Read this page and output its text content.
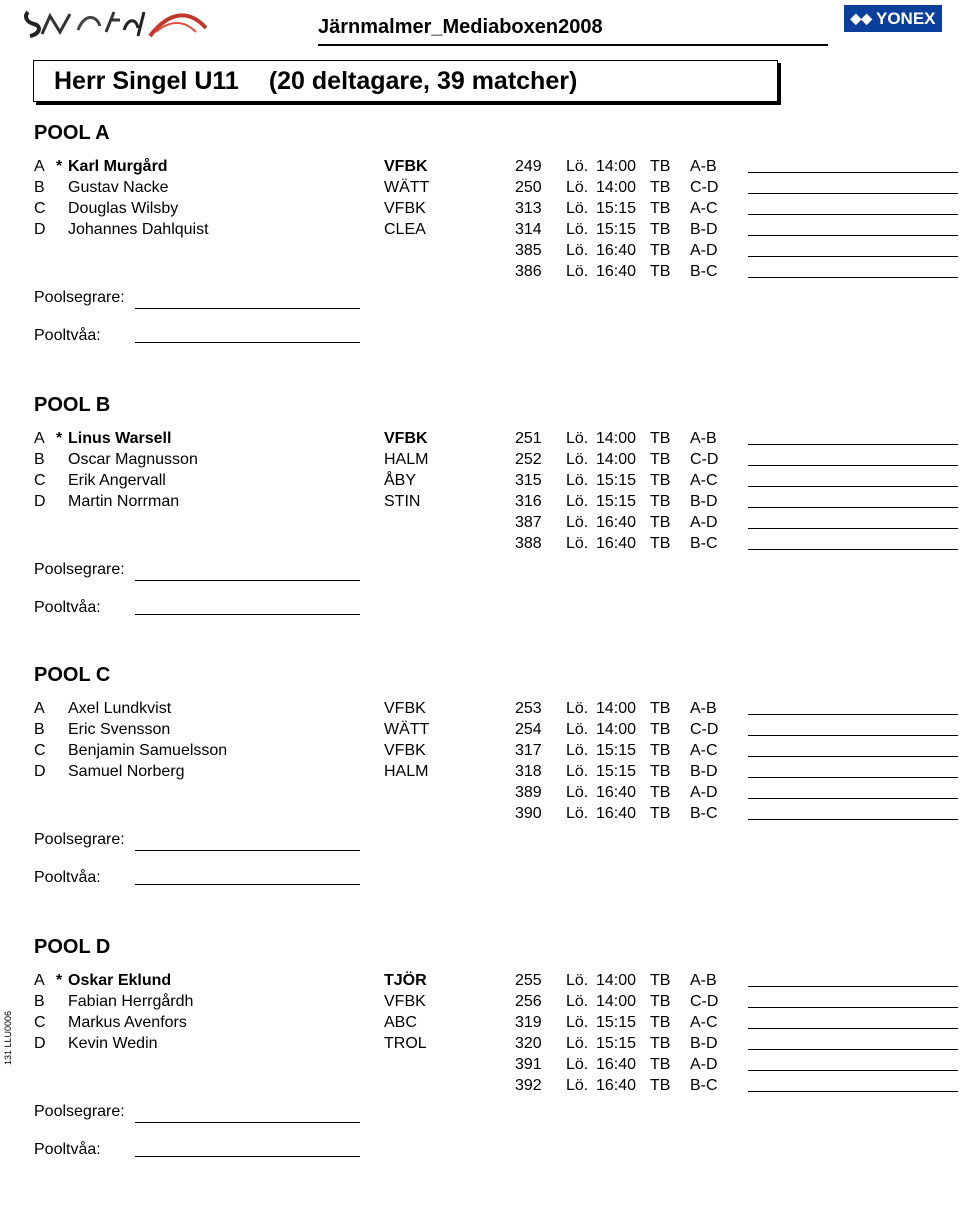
Järnmalmer_Mediaboxen2008	◆◆ YONEX
Herr Singel U11 (20 deltagare, 39 matcher)
POOL A
A * Karl Murgård	VFBK	249 Lö. 14:00 TB A-B
B Gustav Nacke	WÄTT	250 Lö. 14:00 TB C-D
C Douglas Wilsby	VFBK	313 Lö. 15:15 TB A-C
D Johannes Dahlquist	CLEA	314 Lö. 15:15 TB B-D
385 Lö. 16:40 TB A-D
386 Lö. 16:40 TB B-C
Poolsegrare:
Pooltvåa:
POOL B
A * Linus Warsell	VFBK	251 Lö. 14:00 TB A-B
B Oscar Magnusson	HALM	252 Lö. 14:00 TB C-D
C Erik Angervall	ÅBY	315 Lö. 15:15 TB A-C
D Martin Norrman	STIN	316 Lö. 15:15 TB B-D
387 Lö. 16:40 TB A-D
388 Lö. 16:40 TB B-C
Poolsegrare:
Pooltvåa:
POOL C
A Axel Lundkvist	VFBK	253 Lö. 14:00 TB A-B
B Eric Svensson	WÄTT	254 Lö. 14:00 TB C-D
C Benjamin Samuelsson	VFBK	317 Lö. 15:15 TB A-C
D Samuel Norberg	HALM	318 Lö. 15:15 TB B-D
389 Lö. 16:40 TB A-D
390 Lö. 16:40 TB B-C
Poolsegrare:
Pooltvåa:
POOL D
A * Oskar Eklund	TJÖR	255 Lö. 14:00 TB A-B
B Fabian Herrgårdh	VFBK	256 Lö. 14:00 TB C-D
C Markus Avenfors	ABC	319 Lö. 15:15 TB A-C
D Kevin Wedin	TROL	320 Lö. 15:15 TB B-D
391 Lö. 16:40 TB A-D
392 Lö. 16:40 TB B-C
Poolsegrare:
Pooltvåa:
131 LLU0006
